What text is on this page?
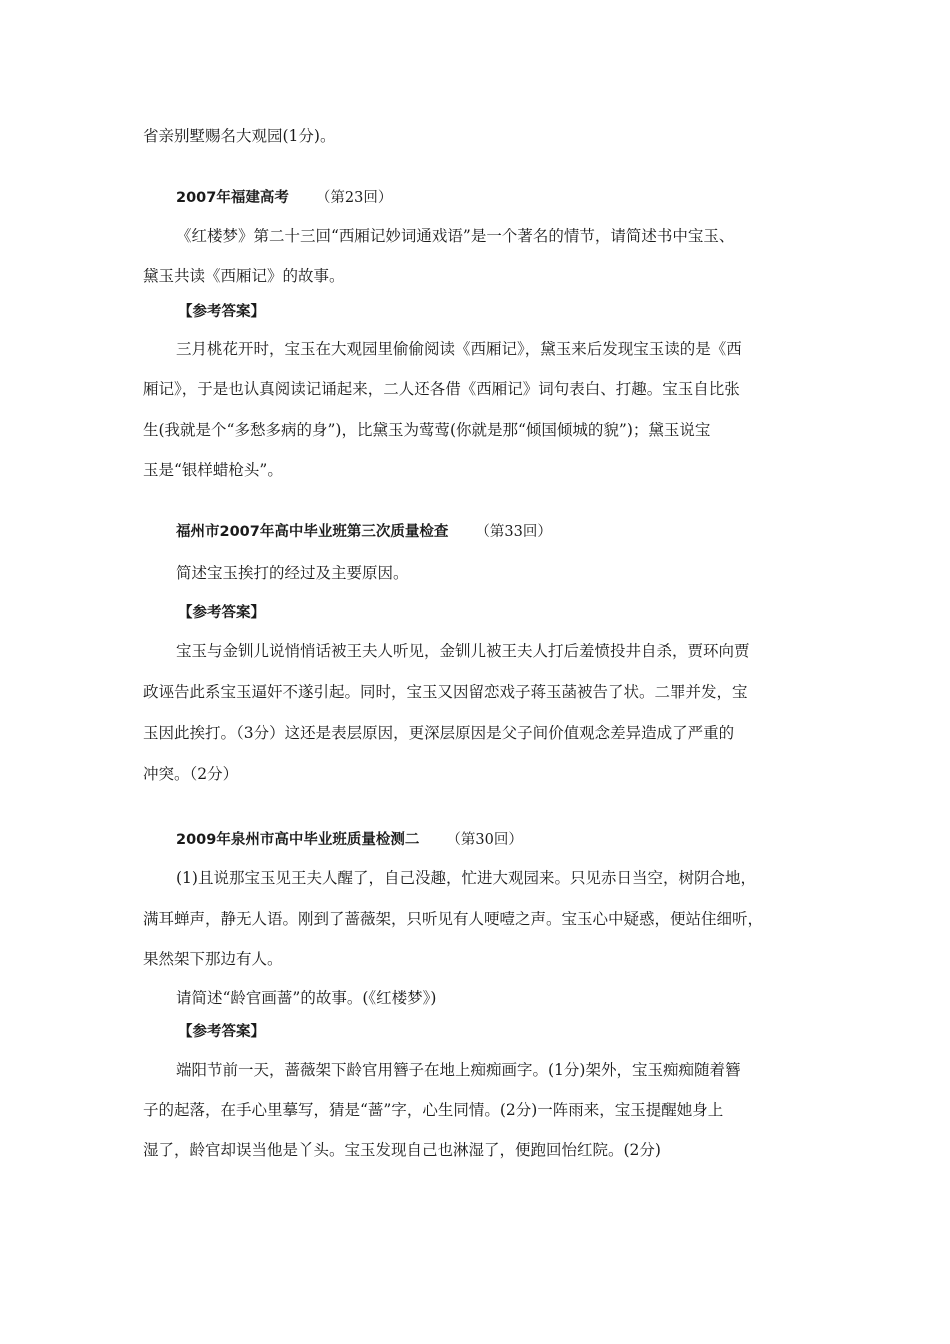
省亲别墅赐名大观园(1分)。
2007年福建高考 （第23回）
《红楼梦》第二十三回“西厢记妙词通戏语”是一个著名的情节，请简述书中宝玉、
黛玉共读《西厢记》的故事。
【参考答案】
三月桃花开时，宝玉在大观园里偷偷阅读《西厢记》，黛玉来后发现宝玉读的是《西
厢记》，于是也认真阅读记诵起来，二人还各借《西厢记》词句表白、打趣。宝玉自比张
生(我就是个“多愁多病的身”)，比黛玉为莺莺(你就是那“倾国倾城的貌”)；黛玉说宝
玉是“银样蜡枪头”。
福州市2007年高中毕业班第三次质量检查 （第33回）
简述宝玉挨打的经过及主要原因。
【参考答案】
宝玉与金钏儿说悄悄话被王夫人听见，金钏儿被王夫人打后羞愤投井自杀，贾环向贾
政诬告此系宝玉逼奸不遂引起。同时，宝玉又因留恋戏子蒋玉菡被告了状。二罪并发，宝
玉因此挨打。（3分）这还是表层原因，更深层原因是父子间价值观念差异造成了严重的
冲突。（2分）
2009年泉州市高中毕业班质量检测二 （第30回）
(1)且说那宝玉见王夫人醒了，自己没趣，忙进大观园来。只见赤日当空，树阴合地，
满耳蝉声，静无人语。刚到了蔷薇架，只听见有人哽噎之声。宝玉心中疑惑，便站住细听，
果然架下那边有人。
请简述“龄官画蔷”的故事。(《红楼梦》)
【参考答案】
端阳节前一天，蔷薇架下龄官用簪子在地上痴痴画字。(1分)架外，宝玉痴痴随着簪
子的起落，在手心里摹写，猜是“蔷”字，心生同情。(2分)一阵雨来，宝玉提醒她身上
湿了，龄官却误当他是丫头。宝玉发现自己也淋湿了，便跑回怡红院。(2分)
